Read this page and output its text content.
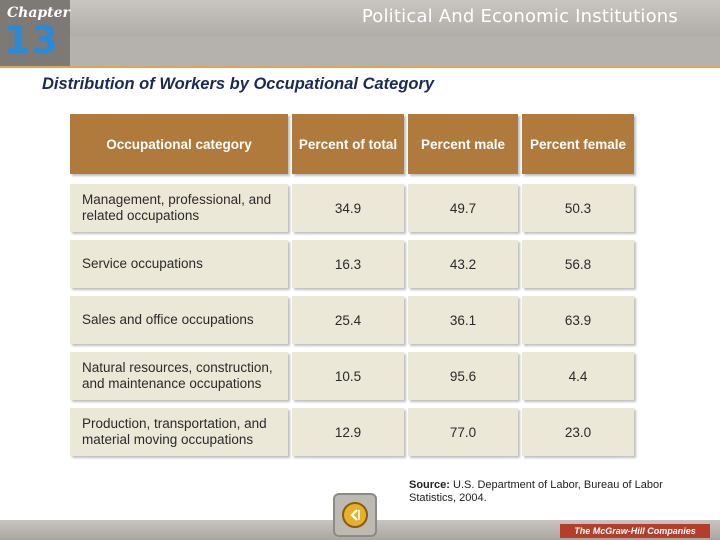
Chapter
13
Political And Economic Institutions
Distribution of Workers by Occupational Category
Occupational category	Percent of total	Percent male	Percent female
Management, professional, and related occupations	34.9	49.7	50.3
Service occupations	16.3	43.2	56.8
Sales and office occupations	25.4	36.1	63.9
Natural resources, construction, and maintenance occupations	10.5	95.6	4.4
Production, transportation, and material moving occupations	12.9	77.0	23.0
Source: U.S. Department of Labor, Bureau of Labor Statistics, 2004.
The McGraw-Hill Companies
